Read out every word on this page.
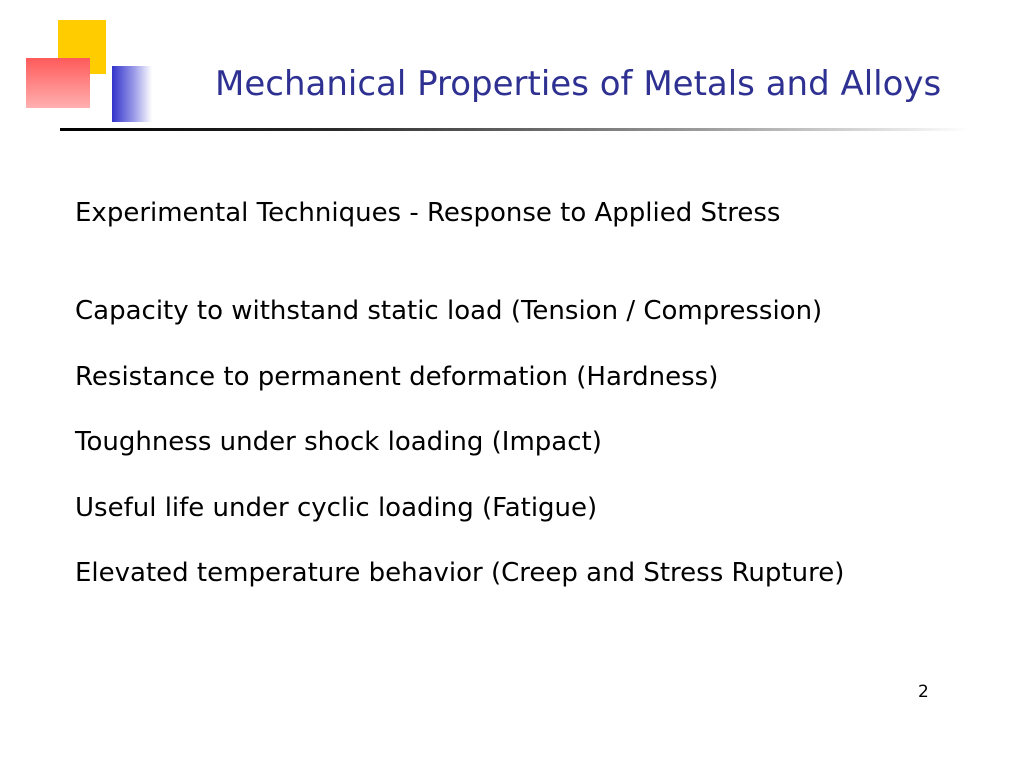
Mechanical Properties of Metals and Alloys

Experimental Techniques - Response to Applied Stress

Capacity to withstand static load (Tension / Compression)
Resistance to permanent deformation (Hardness)
Toughness under shock loading (Impact)
Useful life under cyclic loading (Fatigue)
Elevated temperature behavior (Creep and Stress Rupture)
2
